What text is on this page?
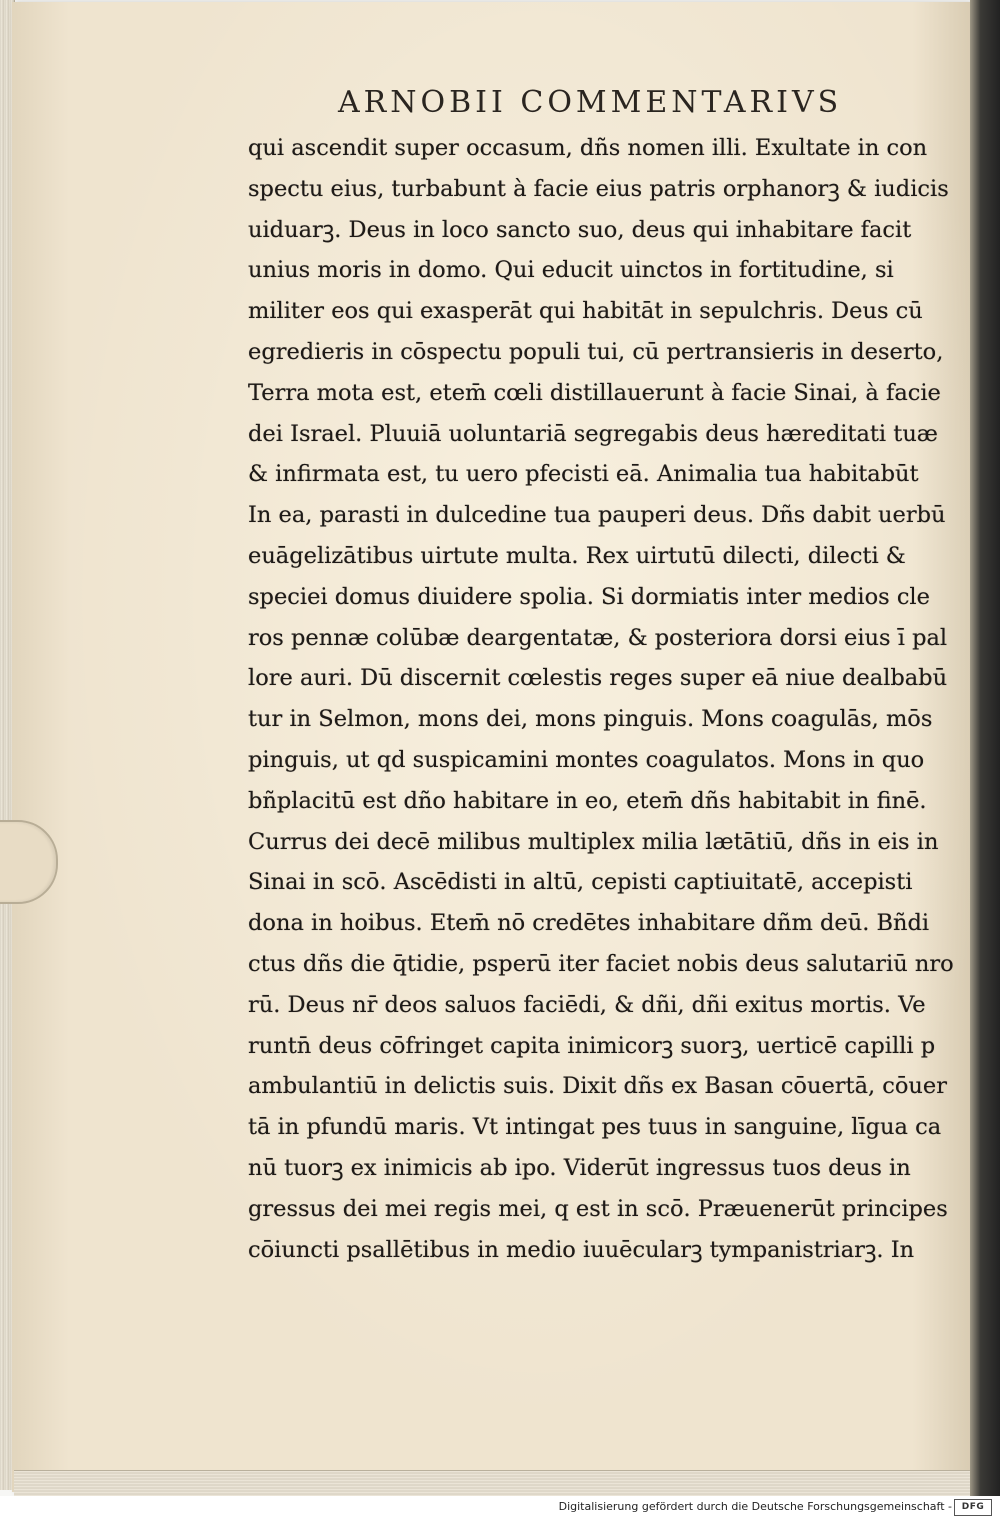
ARNOBII COMMENTARIVS
qui ascendit super occasum, dñs nomen illi. Exultate in con
spectu eius, turbabunt à facie eius patris orphanorꝫ & iudicis
uiduarꝫ. Deus in loco sancto suo, deus qui inhabitare facit
unius moris in domo. Qui educit uinctos in fortitudine, si
militer eos qui exasperāt qui habitāt in sepulchris. Deus cū
egredieris in cōspectu populi tui, cū pertransieris in deserto,
Terra mota est, etem̄ cœli distillauerunt à facie Sinai, à facie
dei Israel. Pluuiā uoluntariā segregabis deus hæreditati tuæ
& infirmata est, tu uero pfecisti eā. Animalia tua habitabūt
In ea, parasti in dulcedine tua pauperi deus. Dñs dabit uerbū
euāgelizātibus uirtute multa. Rex uirtutū dilecti, dilecti &
speciei domus diuidere spolia. Si dormiatis inter medios cle
ros pennæ colūbæ deargentatæ, & posteriora dorsi eius ī pal
lore auri. Dū discernit cœlestis reges super eā niue dealbabū
tur in Selmon, mons dei, mons pinguis. Mons coagulās, mōs
pinguis, ut qd suspicamini montes coagulatos. Mons in quo
bñplacitū est dño habitare in eo, etem̄ dñs habitabit in finē.
Currus dei decē milibus multiplex milia lætātiū, dñs in eis in
Sinai in scō. Ascēdisti in altū, cepisti captiuitatē, accepisti
dona in hoibus. Etem̄ nō credētes inhabitare dñm deū. Bñdi
ctus dñs die q̄tidie, psperū iter faciet nobis deus salutariū nro
rū. Deus nr̄ deos saluos faciēdi, & dñi, dñi exitus mortis. Ve
runtn̄ deus cōfringet capita inimicorꝫ suorꝫ, uerticē capilli p
ambulantiū in delictis suis. Dixit dñs ex Basan cōuertā, cōuer
tā in pfundū maris. Vt intingat pes tuus in sanguine, līgua ca
nū tuorꝫ ex inimicis ab ipo. Viderūt ingressus tuos deus in
gressus dei mei regis mei, q est in scō. Præuenerūt principes
cōiuncti psallētibus in medio iuuēcularꝫ tympanistriarꝫ. In
Digitalisierung gefördert durch die Deutsche Forschungsgemeinschaft -	DFG
